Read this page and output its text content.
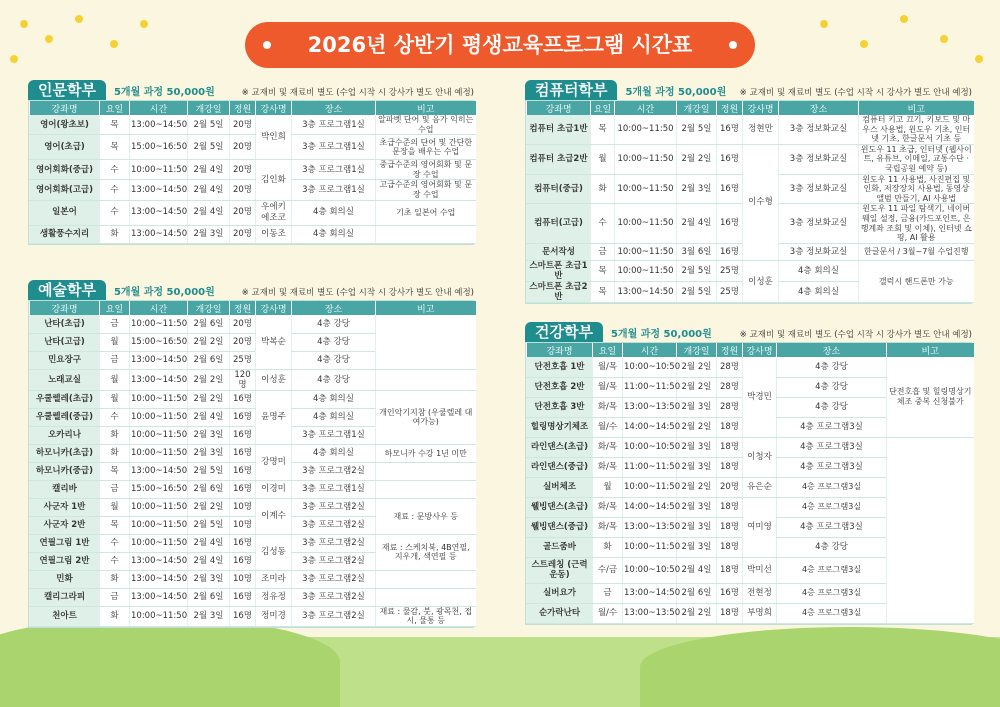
2026년 상반기 평생교육프로그램 시간표
인문학부	5개월 과정 50,000원	※ 교재비 및 재료비 별도 (수업 시작 시 강사가 별도 안내 예정)
강좌명	요일	시간	개강일	정원	강사명	장소	비고
영어(왕초보)	목	13:00~14:50	2월 5일	20명	박인희	3층 프로그램1실	알파벳 단어 및 음가 익히는 수업
영어(초급)	목	15:00~16:50	2월 5일	20명		3층 프로그램1실	초급수준의 단어 및 간단한 문장을 배우는 수업
영어회화(중급)	수	10:00~11:50	2월 4일	20명	김인화	3층 프로그램1실	중급수준의 영어회화 및 문장 수업
영어회화(고급)	수	13:00~14:50	2월 4일	20명		3층 프로그램1실	고급수준의 영어회화 및 문장 수업
일본어	수	13:00~14:50	2월 4일	20명	우에키 에조코	4층 회의실	기초 일본어 수업
생활풍수지리	화	13:00~14:50	2월 3일	20명	이동조	4층 회의실	
예술학부	5개월 과정 50,000원	※ 교재비 및 재료비 별도 (수업 시작 시 강사가 별도 안내 예정)
강좌명	요일	시간	개강일	정원	강사명	장소	비고
난타(초급)	금	10:00~11:50	2월 6일	20명	박복순	4층 강당	
난타(고급)	월	15:00~16:50	2월 2일	20명		4층 강당	
민요장구	금	13:00~14:50	2월 6일	25명		4층 강당	
노래교실	월	13:00~14:50	2월 2일	120명	이성훈	4층 강당	
우쿨렐레(초급)	월	10:00~11:50	2월 2일	16명	윤명주	4층 회의실	개인악기지참 (우쿨렐레 대여가능)
우쿨렐레(중급)	수	10:00~11:50	2월 4일	16명		4층 회의실	
오카리나	화	10:00~11:50	2월 3일	16명		3층 프로그램1실	
하모니카(초급)	화	10:00~11:50	2월 3일	16명	강명미	4층 회의실	하모니카 수강 1년 미만
하모니카(중급)	목	13:00~14:50	2월 5일	16명		3층 프로그램2실	
캘리바	금	15:00~16:50	2월 6일	16명	이경미	3층 프로그램1실	
사군자 1반	월	10:00~11:50	2월 2일	10명	이계수	3층 프로그램2실	재료 : 문방사우 등
사군자 2반	목	10:00~11:50	2월 5일	10명		3층 프로그램2실	
연필그림 1반	수	10:00~11:50	2월 4일	16명	김성동	3층 프로그램2실	재료 : 스케치북, 4B연필, 지우개, 색연필 등
연필그림 2반	수	13:00~14:50	2월 4일	16명		3층 프로그램2실	
민화	화	13:00~14:50	2월 3일	10명	조미라	3층 프로그램2실	
캘리그라피	금	13:00~14:50	2월 6일	16명	정유정	3층 프로그램2실	
천아트	화	10:00~11:50	2월 3일	16명	정미경	3층 프로그램2실	재료 : 물감, 붓, 광목천, 접시, 물통 등
컴퓨터학부	5개월 과정 50,000원 ※ 교재비 및 재료비 별도 (수업 시작 시 강사가 별도 안내 예정)
강좌명	요일	시간	개강일	정원	강사명	장소	비고
컴퓨터 초급1반	목	10:00~11:50	2월 5일	16명	정현만	3층 정보화교실	컴퓨터 키고 끄기, 키보드 및 마우스 사용법, 윈도우 기초, 인터넷 기초, 한글문서 기초 등
컴퓨터 초급2반	월	10:00~11:50	2월 2일	16명	이수형	3층 정보화교실	윈도우 11 초급, 인터넷 (웹사이트, 유튜브, 이메일, 교통수단 · 국립공원 예약 등)
컴퓨터(중급)	화	10:00~11:50	2월 3일	16명		3층 정보화교실	윈도우 11 사용법, 사진편집 및 인화, 저장장치 사용법, 동영상 앨범 만들기, AI 사용법
컴퓨터(고급)	수	10:00~11:50	2월 4일	16명		3층 정보화교실	윈도우 11 파일 탐색기, 네이버 웨일 설정, 금융(카드포인트, 은행계좌 조회 및 이체), 인터넷 쇼핑, AI 활용
문서작성	금	10:00~11:50	3월 6일	16명		3층 정보화교실	한글문서 / 3월~7월 수업진행
스마트폰 초급1반	목	10:00~11:50	2월 5일	25명	이성훈	4층 회의실	갤럭시 핸드폰만 가능
스마트폰 초급2반	목	13:00~14:50	2월 5일	25명		4층 회의실	
건강학부	5개월 과정 50,000원	※ 교재비 및 재료비 별도 (수업 시작 시 강사가 별도 안내 예정)
강좌명	요일	시간	개강일	정원	강사명	장소	비고
단전호흡 1반	월/목	10:00~10:50	2월 2일	28명	박경민	4층 강당	단전호흡 및 힐링명상기체조 중복 신청불가
단전호흡 2반	월/목	11:00~11:50	2월 2일	28명		4층 강당	
단전호흡 3반	화/목	13:00~13:50	2월 3일	28명		4층 강당	
힐링명상기체조	월/수	14:00~14:50	2월 2일	18명		4층 프로그램3실	
라인댄스(초급)	화/목	10:00~10:50	2월 3일	18명	이청자	4층 프로그램3실	
라인댄스(중급)	화/목	11:00~11:50	2월 3일	18명		4층 프로그램3실	
실버체조	월	10:00~11:50	2월 2일	20명	유은순	4층 프로그램3실	
웰빙댄스(초급)	화/목	14:00~14:50	2월 3일	18명	여미영	4층 프로그램3실	
웰빙댄스(중급)	화/목	13:00~13:50	2월 3일	18명		4층 프로그램3실	
골드줌바	화	10:00~11:50	2월 3일	18명		4층 강당	
스트레칭 (근력운동)	수/금	10:00~10:50	2월 4일	18명	박미선	4층 프로그램3실	
실버요가	금	13:00~14:50	2월 6일	16명	전현정	4층 프로그램3실	
순가락난타	월/수	13:00~13:50	2월 2일	18명	부명희	4층 프로그램3실	
